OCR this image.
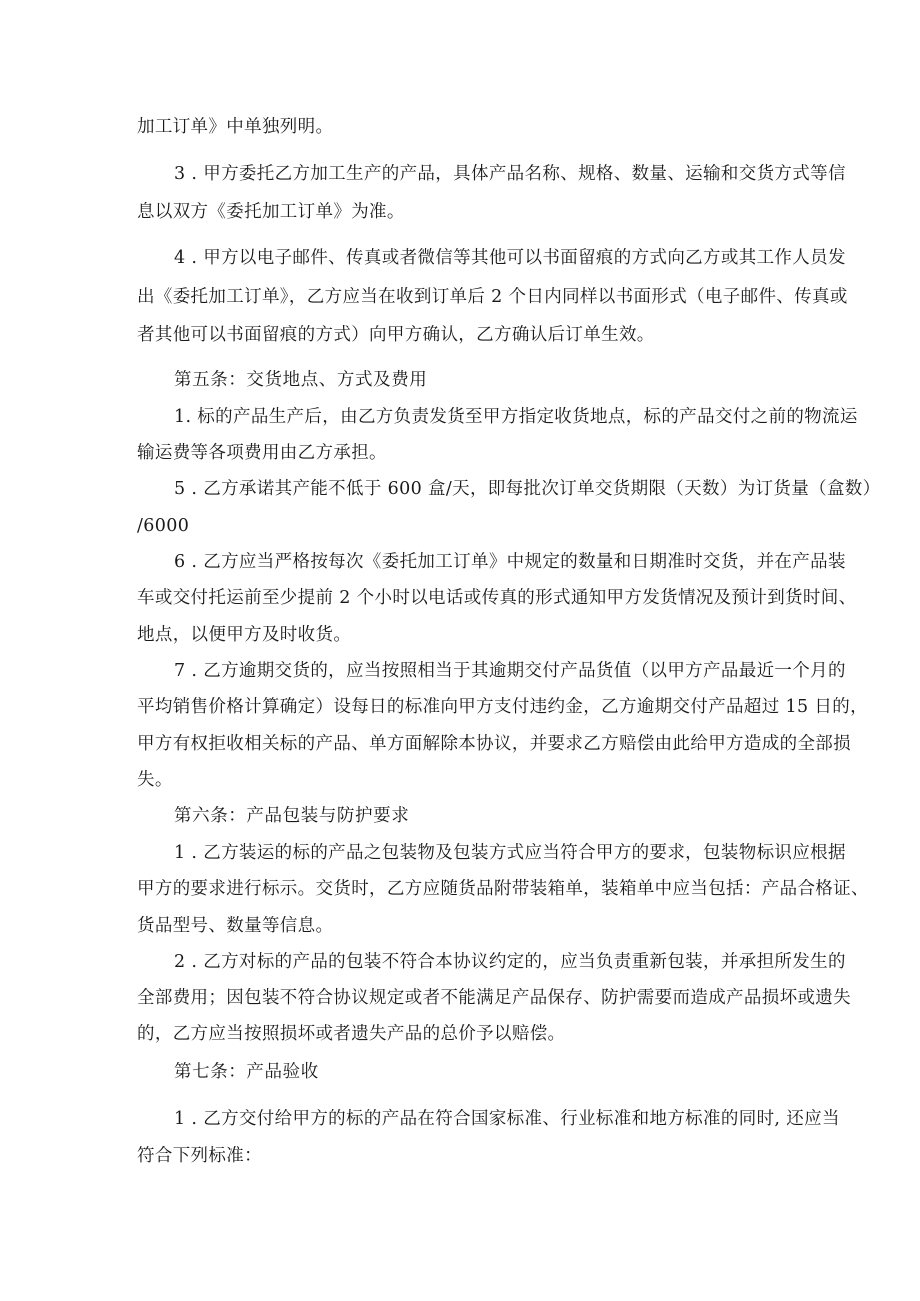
加工订单》中单独列明。
3 . 甲方委托乙方加工生产的产品，具体产品名称、规格、数量、运输和交货方式等信
息以双方《委托加工订单》为准。
4 . 甲方以电子邮件、传真或者微信等其他可以书面留痕的方式向乙方或其工作人员发
出《委托加工订单》，乙方应当在收到订单后 2 个日内同样以书面形式（电子邮件、传真或
者其他可以书面留痕的方式）向甲方确认，乙方确认后订单生效。
第五条：交货地点、方式及费用
1. 标的产品生产后，由乙方负责发货至甲方指定收货地点，标的产品交付之前的物流运
输运费等各项费用由乙方承担。
5 . 乙方承诺其产能不低于 600 盒/天，即每批次订单交货期限（天数）为订货量（盒数）
/6000
6 . 乙方应当严格按每次《委托加工订单》中规定的数量和日期准时交货，并在产品装
车或交付托运前至少提前 2 个小时以电话或传真的形式通知甲方发货情况及预计到货时间、
地点，以便甲方及时收货。
7 . 乙方逾期交货的，应当按照相当于其逾期交付产品货值（以甲方产品最近一个月的
平均销售价格计算确定）设每日的标准向甲方支付违约金，乙方逾期交付产品超过 15 日的，
甲方有权拒收相关标的产品、单方面解除本协议，并要求乙方赔偿由此给甲方造成的全部损
失。
第六条：产品包装与防护要求
1 . 乙方装运的标的产品之包装物及包装方式应当符合甲方的要求，包装物标识应根据
甲方的要求进行标示。交货时，乙方应随货品附带装箱单，装箱单中应当包括：产品合格证、
货品型号、数量等信息。
2 . 乙方对标的产品的包装不符合本协议约定的，应当负责重新包装，并承担所发生的
全部费用；因包装不符合协议规定或者不能满足产品保存、防护需要而造成产品损坏或遗失
的，乙方应当按照损坏或者遗失产品的总价予以赔偿。
第七条：产品验收
1 . 乙方交付给甲方的标的产品在符合国家标准、行业标准和地方标准的同时, 还应当
符合下列标准：
